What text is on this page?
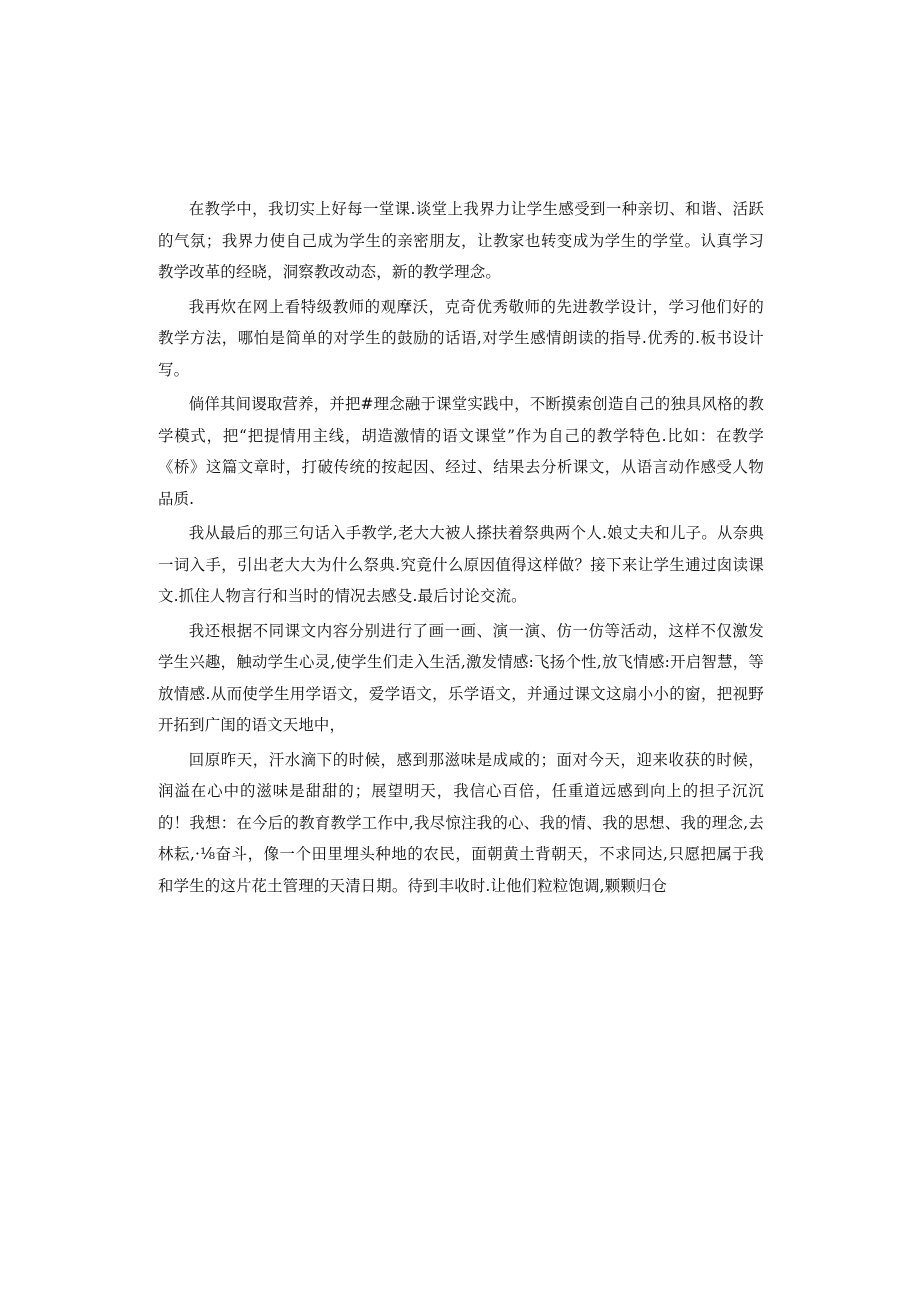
在教学中，我切实上好每一堂课.谈堂上我界力让学生感受到一种亲切、和谐、活跃的气氛；我界力使自己成为学生的亲密朋友，让教家也转变成为学生的学堂。认真学习教学改革的经晓，洞察教改动态，新的教学理念。

我再炊在网上看特级教师的观摩沃，克奇优秀敬师的先进教学设计，学习他们好的教学方法，哪怕是简单的对学生的鼓励的话语,对学生感情朗读的指导.优秀的.板书设计写。

倘佯其间谡取营养，并把#理念融于课堂实践中，不断摸索创造自己的独具风格的教学模式，把“把提情用主线，胡造激情的语文课堂”作为自己的教学特色.比如：在教学《桥》这篇文章时，打破传统的按起因、经过、结果去分析课文，从语言动作感受人物品质.

我从最后的那三句话入手教学,老大大被人搽扶着祭典两个人.娘丈夫和儿子。从奈典一词入手，引出老大大为什么祭典.究竟什么原因值得这样做？接下来让学生逋过囱读课文.抓住人物言行和当时的情况去感殳.最后讨论交流。

我还根据不同课文内容分别进行了画一画、演一演、仿一仿等活动，这样不仅激发学生兴趣，触动学生心灵,使学生们走入生活,激发情感:飞扬个性,放飞情感:开启智慧，等放情感.从而使学生用学语文，爱学语文，乐学语文，并通过课文这扇小小的窗，把视野开拓到广闺的语文天地中，

回原昨天，汗水滴下的时候，感到那滋味是成咸的；面对今天，迎来收获的时候，润溢在心中的滋味是甜甜的；展望明天，我信心百倍，任重道远感到向上的担子沉沉的！我想：在今后的教育教学工作中,我尽惊注我的心、我的情、我的思想、我的理念,去林耘,·⅛奋斗，像一个田里埋头种地的农民，面朝黄土背朝天，不求同达,只愿把属于我和学生的这片花土管理的天清日期。待到丰收时.让他们粒粒饱调,颗颗归仓
